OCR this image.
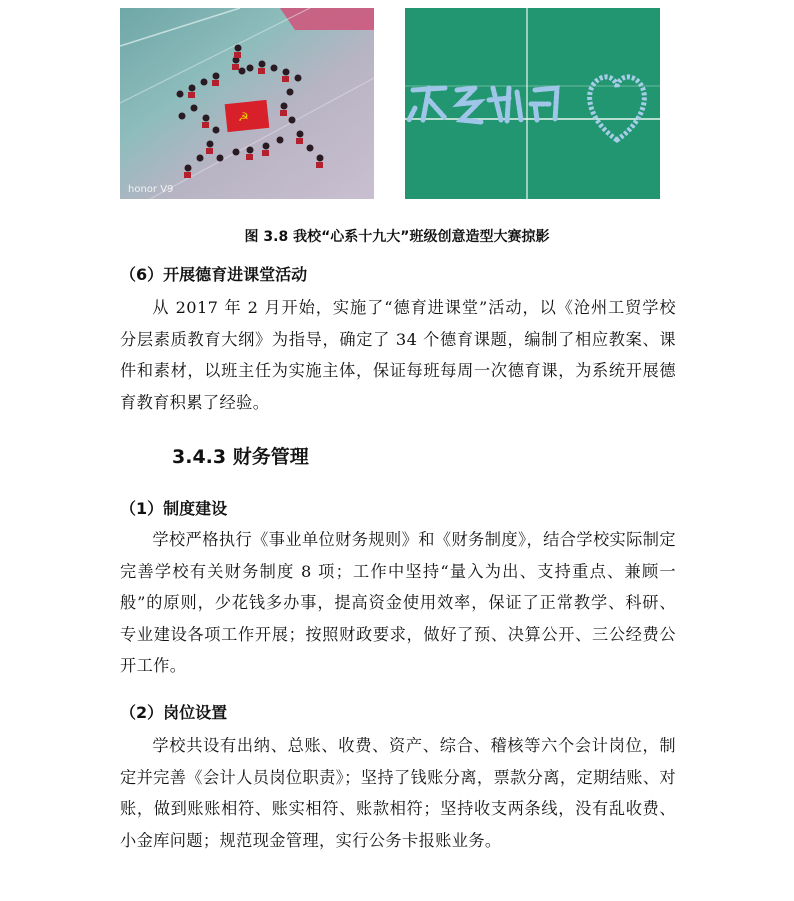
☭
honor V9
图 3.8 我校“心系十九大”班级创意造型大赛掠影
（6）开展德育进课堂活动

从 2017 年 2 月开始，实施了“德育进课堂”活动，以《沧州工贸学校分层素质教育大纲》为指导，确定了 34 个德育课题，编制了相应教案、课件和素材，以班主任为实施主体，保证每班每周一次德育课，为系统开展德育教育积累了经验。

3.4.3 财务管理
（1）制度建设

学校严格执行《事业单位财务规则》和《财务制度》，结合学校实际制定完善学校有关财务制度 8 项；工作中坚持“量入为出、支持重点、兼顾一般”的原则，少花钱多办事，提高资金使用效率，保证了正常教学、科研、专业建设各项工作开展；按照财政要求，做好了预、决算公开、三公经费公开工作。

（2）岗位设置

学校共设有出纳、总账、收费、资产、综合、稽核等六个会计岗位，制定并完善《会计人员岗位职责》；坚持了钱账分离，票款分离，定期结账、对账，做到账账相符、账实相符、账款相符；坚持收支两条线，没有乱收费、小金库问题；规范现金管理，实行公务卡报账业务。
